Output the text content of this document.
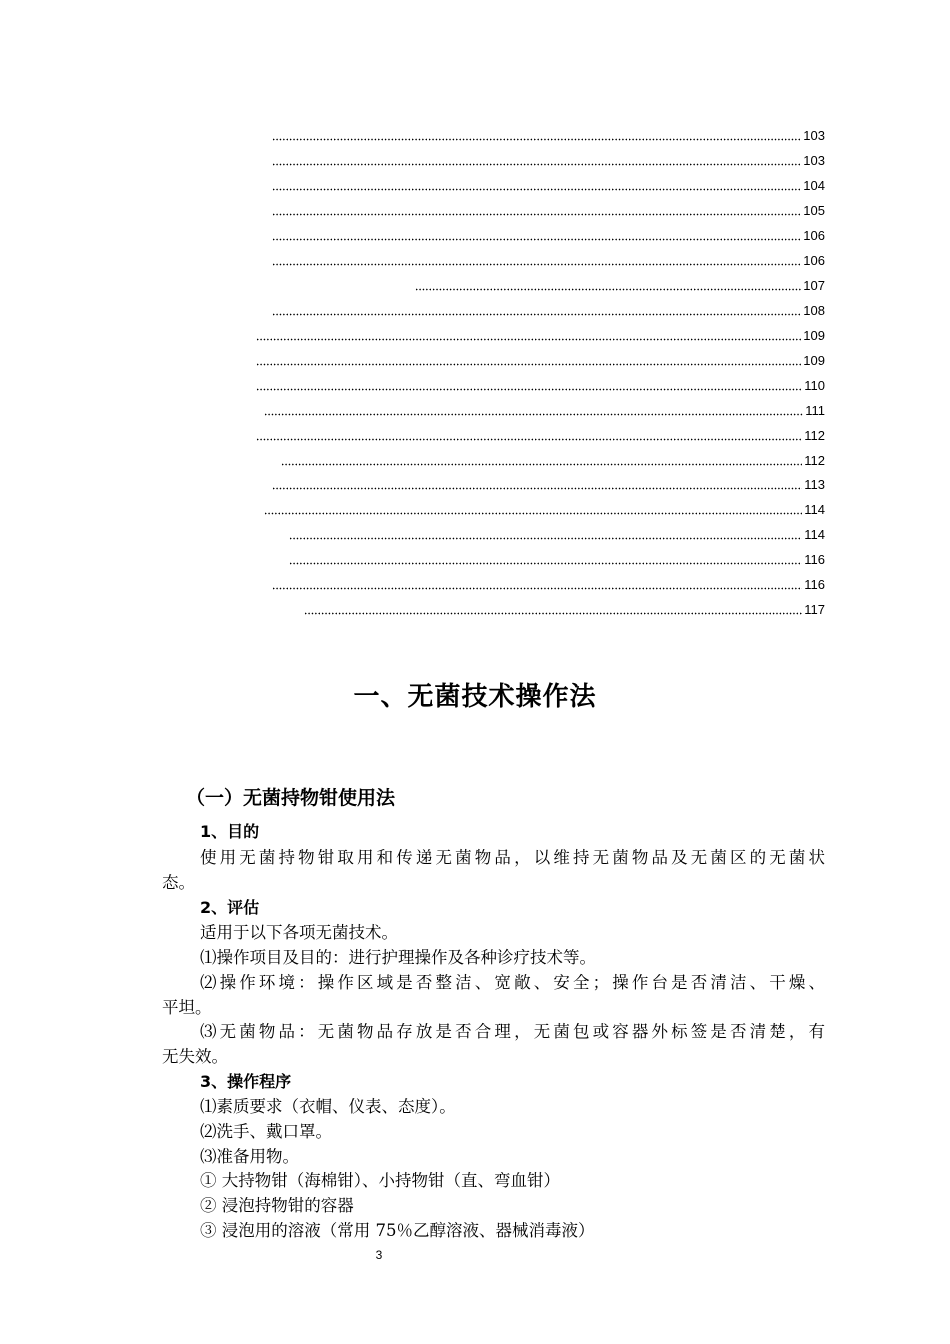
103
103
104
105
106
106
107
108
109
109
110
111
112
112
113
114
114
116
116
117
一、无菌技术操作法
（一）无菌持物钳使用法
1、目的
使用无菌持物钳取用和传递无菌物品，以维持无菌物品及无菌区的无菌状
态。
2、评估
适用于以下各项无菌技术。
⑴操作项目及目的：进行护理操作及各种诊疗技术等。
⑵操作环境：操作区域是否整洁、宽敞、安全；操作台是否清洁、干燥、
平坦。
⑶无菌物品：无菌物品存放是否合理，无菌包或容器外标签是否清楚，有
无失效。
3、操作程序
⑴素质要求（衣帽、仪表、态度）。
⑵洗手、戴口罩。
⑶准备用物。
① 大持物钳（海棉钳）、小持物钳（直、弯血钳）
② 浸泡持物钳的容器
③ 浸泡用的溶液（常用 75％乙醇溶液、器械消毒液）
3
